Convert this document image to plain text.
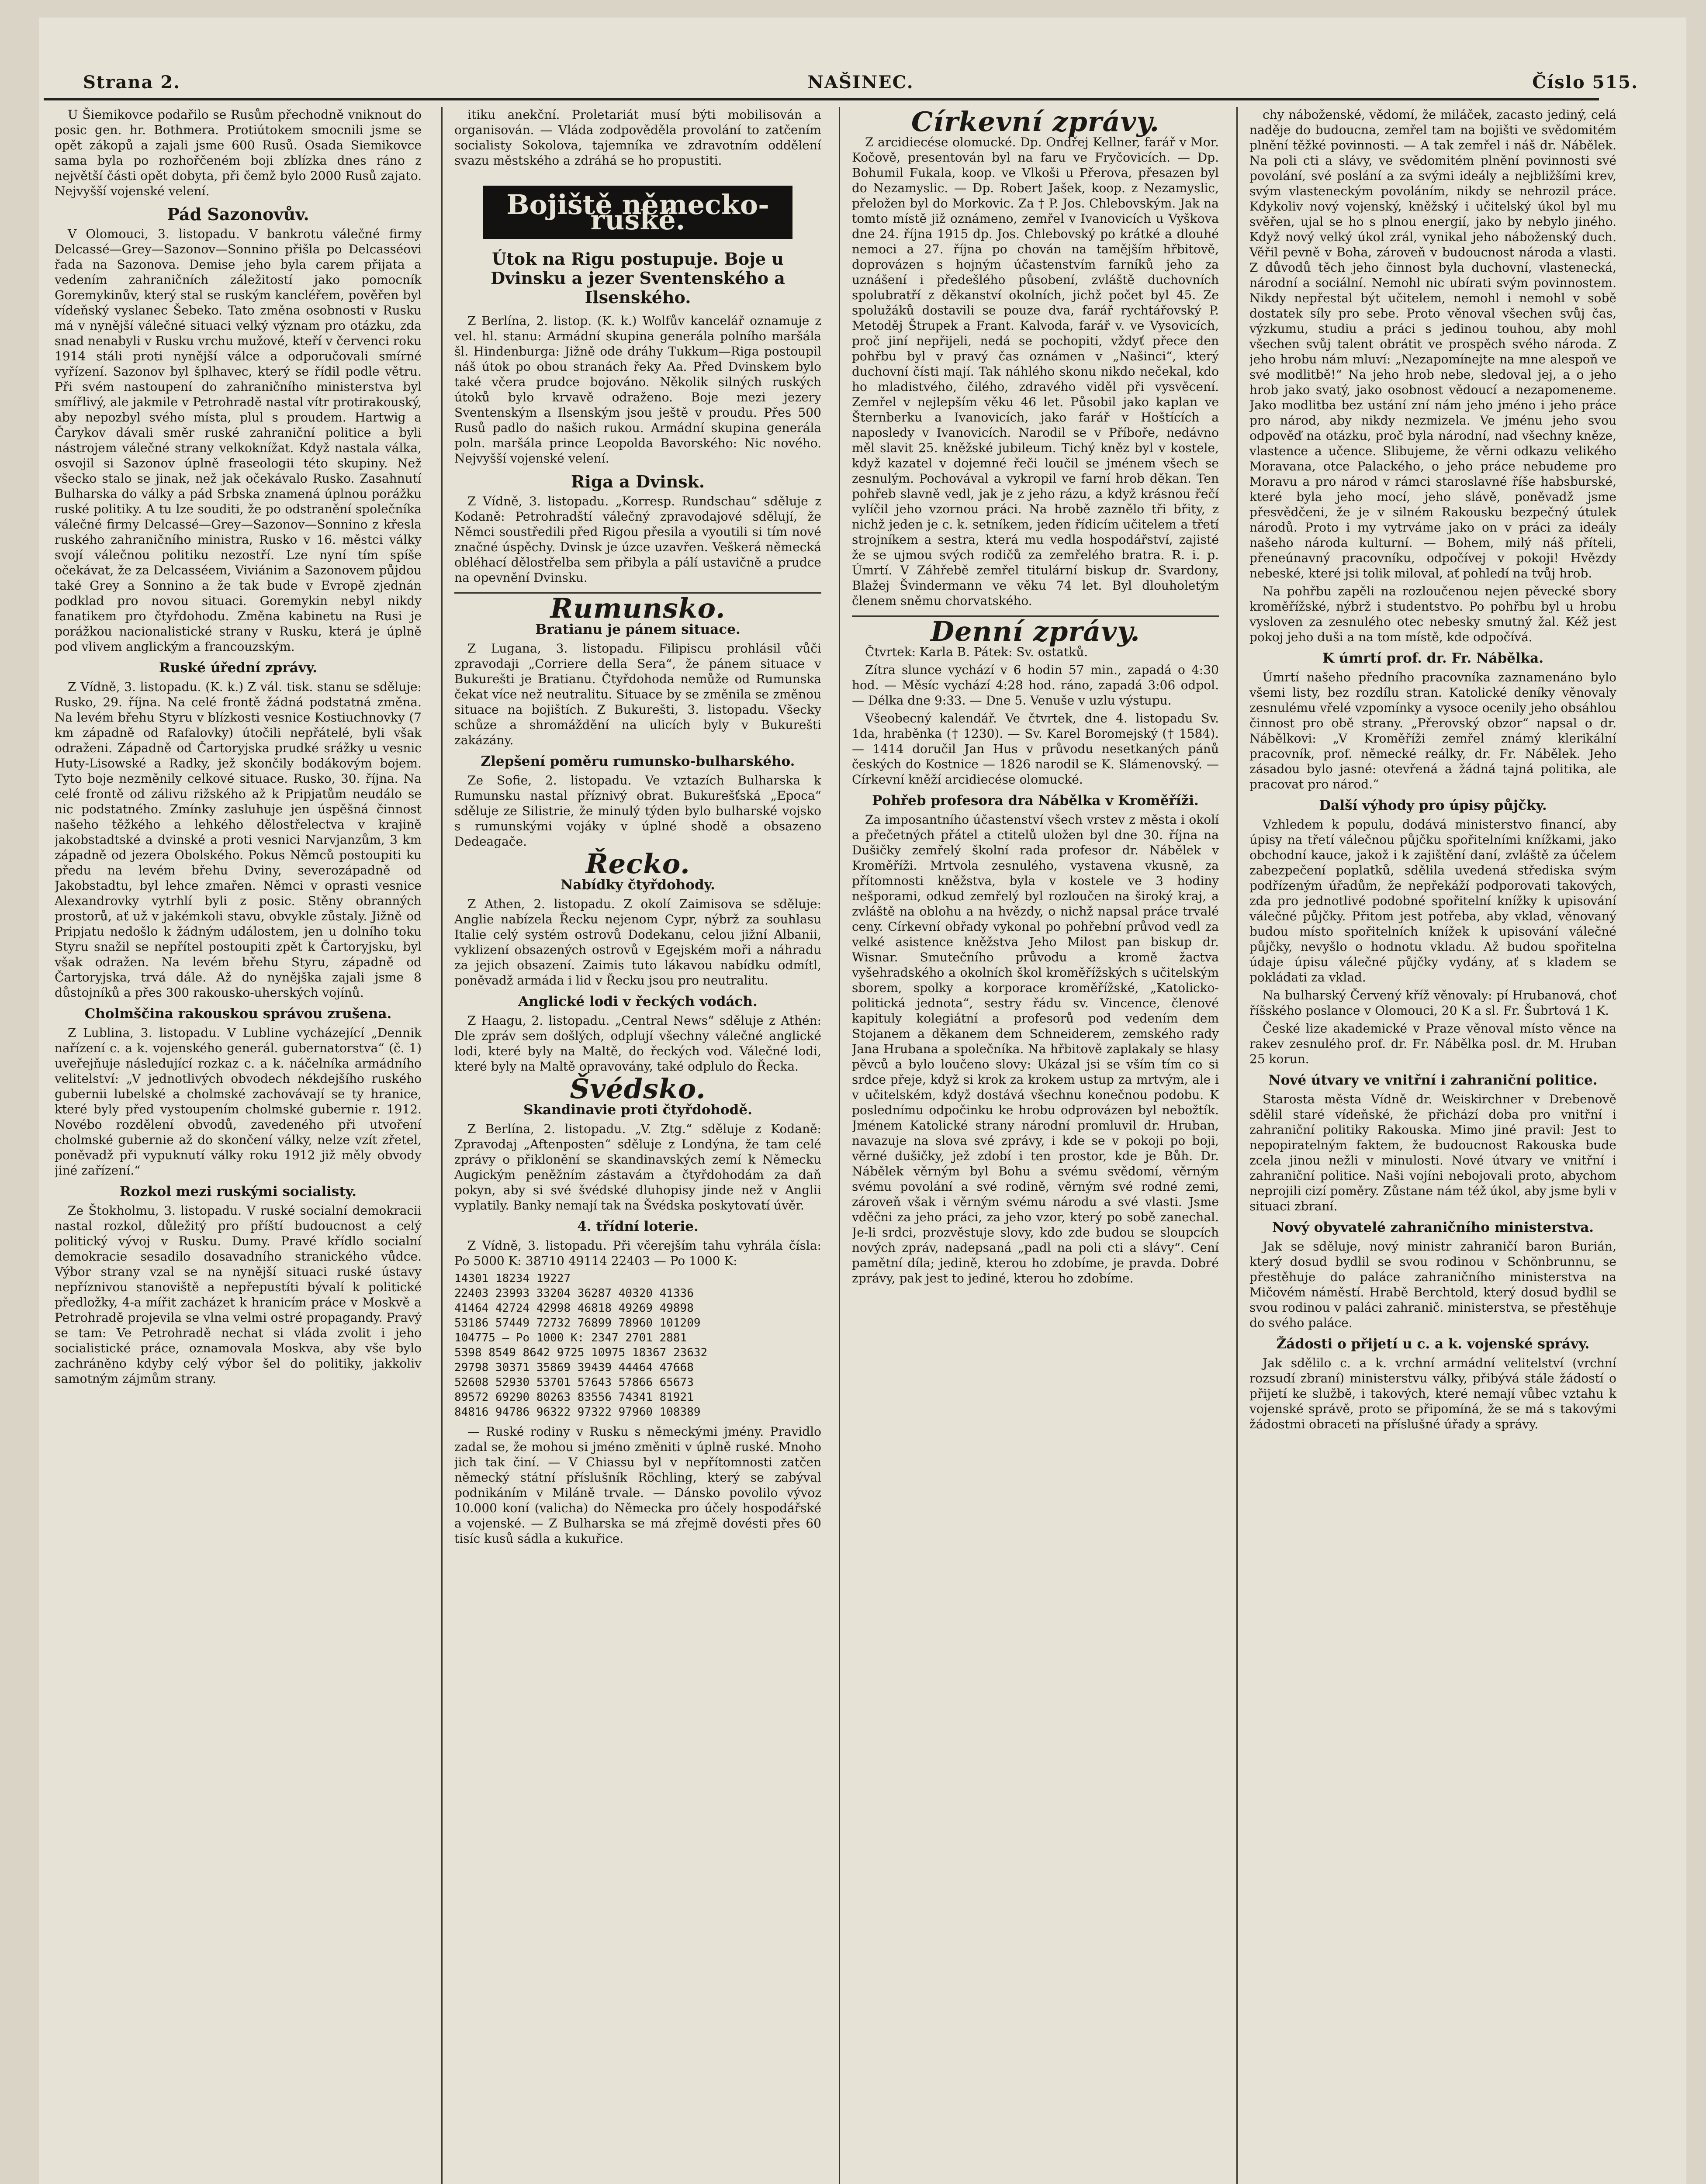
Strana 2.	NAŠINEC.	Číslo 515.

U Šiemikovce podařilo se Rusům přechodně vniknout do posic gen. hr. Bothmera. Protiútokem smocnili jsme se opět zákopů a zajali jsme 600 Rusů. Osada Siemikovce sama byla po rozhořčeném boji zblízka dnes ráno z největší části opět dobyta, při čemž bylo 2000 Rusů zajato. Nejvyšší vojenské velení.

Pád Sazonovův.

V Olomouci, 3. listopadu. V bankrotu válečné firmy Delcassé—Grey—Sazonov—Sonnino přišla po Delcasséovi řada na Sazonova. Demise jeho byla carem přijata a vedením zahraničních záležitostí jako pomocník Goremykinův, který stal se ruským kancléřem, pověřen byl vídeňský vyslanec Šebeko. Tato změna osobnosti v Rusku má v nynější válečné situaci velký význam pro otázku, zda snad nenabyli v Rusku vrchu mužové, kteří v červenci roku 1914 stáli proti nynější válce a odporučovali smírné vyřízení. Sazonov byl šplhavec, který se řídil podle větru. Při svém nastoupení do zahraničního ministerstva byl smířlivý, ale jakmile v Petrohradě nastal vítr protirakouský, aby nepozbyl svého místa, plul s proudem. Hartwig a Čarykov dávali směr ruské zahraniční politice a byli nástrojem válečné strany velkoknížat. Když nastala válka, osvojil si Sazonov úplně frasеologii této skupiny. Než všecko stalo se jinak, než jak očekávalo Rusko. Zasahnutí Bulharska do války a pád Srbska znamená úplnou porážku ruské politiky. A tu lze souditi, že po odstranění společníka válečné firmy Delcassé—Grey—Sazonov—Sonnino z křesla ruského zahraničního ministra, Rusko v 16. městci války svojí válečnou politiku nezostří. Lze nyní tím spíše očekávat, že za Delcasséem, Viviánim a Sazonovem půjdou také Grey a Sonnino a že tak bude v Evropě zjednán podklad pro novou situaci. Goremykin nebyl nikdy fanatikem pro čtyřdohodu. Změna kabinetu na Rusi je porážkou nacionalistické strany v Rusku, která je úplně pod vlivem anglickým a francouzským.

Ruské úřední zprávy.

Z Vídně, 3. listopadu. (K. k.) Z vál. tisk. stanu se sděluje: Rusko, 29. října. Na celé frontě žádná podstatná změna. Na levém břehu Styru v blízkosti vesnice Kostiuchnovky (7 km západně od Rafalovky) útočili nepřátelé, byli však odraženi. Západně od Čartoryjska prudké srážky u vesnic Huty-Lisowské a Radky, jež skončily bodákovým bojem. Tyto boje nezměnily celkové situace. Rusko, 30. října. Na celé frontě od zálivu rižského až k Pripjatům neudálo se nic podstatného. Zmínky zasluhuje jen úspěšná činnost našeho těžkého a lehkého dělostřelectva v krajině jakobstadtské a dvinské a proti vesnici Narvjanzům, 3 km západně od jezera Obolského. Pokus Němců postoupiti ku předu na levém břehu Dviny, severozápadně od Jakobstadtu, byl lehce zmařen. Němci v oprasti vesnice Alexandrovky vytrhlí byli z posic. Stěny obranných prostorů, ať už v jakémkoli stavu, obvykle zůstaly. Jižně od Pripjatu nedošlo k žádným událostem, jen u dolního toku Styru snažil se nepřítel postoupiti zpět k Čartoryjsku, byl však odražen. Na levém břehu Styru, západně od Čartoryjska, trvá dále. Až do nynějška zajali jsme 8 důstojníků a přes 300 rakousko-uherských vojínů.

Cholmščina rakouskou správou zrušena.

Z Lublina, 3. listopadu. V Lubline vycházející „Dennik nařízení c. a k. vojenského generál. gubernatorstva“ (č. 1) uveřejňuje následující rozkaz c. a k. náčelníka armádního velitelství: „V jednotlivých obvodech nékdejšího ruského gubernii lubelské a cholmské zachovávají se ty hranice, které byly před vystoupením cholmské gubernie r. 1912. Novébo rozdělení obvodů, zavedeného při utvoření cholmské gubernie až do skončení války, nelze vzít zřetel, poněvadž při vypuknutí války roku 1912 již měly obvody jiné zařízení.“

Rozkol mezi ruskými socialisty.

Ze Štokholmu, 3. listopadu. V ruské socialní demokracii nastal rozkol, důležitý pro příští budoucnost a celý politický vývoj v Rusku. Dumy. Pravé křídlo socialní demokracie sesadilo dosavadního stranického vůdce. Výbor strany vzal se na nynější situaci ruské ústavy nepříznivou stanoviště a nepřepustíti bývalí k politické předložky, 4-a mířit zacházet k hranicím práce v Moskvě a Petrohradě projevila se vlna velmi ostré propagandy. Pravý se tam: Ve Petrohradě nechat si vláda zvolit i jeho socialistické práce, oznamovala Moskva, aby vše bylo zachráněno kdyby celý výbor šel do politiky, jakkoliv samotným zájmům strany.

itiku anekční. Proletariát musí býti mobilisován a organisován. — Vláda zodpověděla provolání to zatčením socialisty Sokolova, tajemníka ve zdravotním oddělení svazu městského a zdráhá se ho propustiti.

Bojiště německo-ruské.
Útok na Rigu postupuje. Boje u Dvinsku a jezer Sventenského a Ilsenského.

Z Berlína, 2. listop. (K. k.) Wolfův kancelář oznamuje z vel. hl. stanu: Armádní skupina generála polního maršála šl. Hindenburga: Jižně ode dráhy Tukkum—Riga postoupil náš útok po obou stranách řeky Aa. Před Dvinskem bylo také včera prudce bojováno. Několik silných ruských útoků bylo krvavě odraženo. Boje mezi jezery Sventenským a Ilsenským jsou ještě v proudu. Přes 500 Rusů padlo do našich rukou. Armádní skupina generála poln. maršála prince Leopolda Bavorského: Nic nového. Nejvyšší vojenské velení.

Riga a Dvinsk.

Z Vídně, 3. listopadu. „Korresp. Rundschau“ sděluje z Kodaně: Petrohradští válečný zpravodajové sdělují, že Němci soustředili před Rigou přesila a vyoutili si tím nové značné úspěchy. Dvinsk je úzce uzavřen. Veškerá německá obléhací dělostřelba sem přibyla a pálí ustavičně a prudce na opevnění Dvinsku.

Rumunsko.
Bratianu je pánem situace.

Z Lugana, 3. listopadu. Filipiscu prohlásil vůči zpravodaji „Corriere della Sera“, že pánem situace v Bukurešti je Bratianu. Čtyřdohoda nemůže od Rumunska čekat více než neutralitu. Situace by se změnila se změnou situace na bojištích. Z Bukurešti, 3. listopadu. Všecky schůze a shromáždění na ulicích byly v Bukurešti zakázány.

Zlepšení poměru rumunsko-bulharského.

Ze Sofie, 2. listopadu. Ve vztazích Bulharska k Rumunsku nastal příznivý obrat. Bukurešťská „Epoca“ sděluje ze Silistrie, že minulý týden bylo bulharské vojsko s rumunskými vojáky v úplné shodě a obsazeno Dedeagače.

Řecko.
Nabídky čtyřdohody.

Z Athen, 2. listopadu. Z okolí Zaimisova se sděluje: Anglie nabízela Řecku nejenom Cypr, nýbrž za souhlasu Italie celý systém ostrovů Dodekanu, celou jižní Albanii, vyklizení obsazených ostrovů v Egejském moři a náhradu za jejich obsazení. Zaimis tuto lákavou nabídku odmítl, poněvadž armáda i lid v Řecku jsou pro neutralitu.

Anglické lodi v řeckých vodách.

Z Haagu, 2. listopadu. „Central News“ sděluje z Athén: Dle zpráv sem došlých, odplují všechny válečné anglické lodi, které byly na Maltě, do řeckých vod. Válečné lodi, které byly na Maltě opravovány, také odplulo do Řecka.

Švédsko.
Skandinavie proti čtyřdohodě.

Z Berlína, 2. listopadu. „V. Ztg.“ sděluje z Kodaně: Zpravodaj „Aftenposten“ sděluje z Londýna, že tam celé zprávy o přiklonění se skandinavských zemí k Německu Augickým peněžním zástavám a čtyřdohodám za daň pokyn, aby si své švédské dluhopisy jinde než v Anglii vyplatily. Banky nemají tak na Švédska poskytovatí úvěr.

4. třídní loterie.

Z Vídně, 3. listopadu. Při včerejším tahu vyhrála čísla: Po 5000 K: 38710 49114 22403 — Po 1000 K:

14301 18234 19227
22403 23993 33204 36287 40320 41336
41464 42724 42998 46818 49269 49898
53186 57449 72732 76899 78960 101209
104775 — Po 1000 K: 2347 2701 2881
5398 8549 8642 9725 10975 18367 23632
29798 30371 35869 39439 44464 47668
52608 52930 53701 57643 57866 65673
89572 69290 80263 83556 74341 81921
84816 94786 96322 97322 97960 108389

— Ruské rodiny v Rusku s německými jmény. Pravidlo zadal se, že mohou si jméno změniti v úplně ruské. Mnoho jich tak činí. — V Chiassu byl v nepřítomnosti zatčen německý státní příslušník Röchling, který se zabýval podnikáním v Miláně trvale. — Dánsko povolilo vývoz 10.000 koní (valicha) do Německa pro účely hospodářské a vojenské. — Z Bulharska se má zřejmě dovésti přes 60 tisíc kusů sádla a kukuřice.

Církevní zprávy.

Z arcidiecése olomucké. Dp. Ondřej Kellner, farář v Mor. Kočově, presentován byl na faru ve Fryčovicích. — Dp. Bohumil Fukala, koop. ve Vlkoši u Přerova, přesazen byl do Nezamyslic. — Dp. Robert Jašek, koop. z Nezamyslic, přeložen byl do Morkovic. Za † P. Jos. Chlebovským. Jak na tomto místě již oznámeno, zemřel v Ivanovicích u Vyškova dne 24. října 1915 dp. Jos. Chlebovský po krátké a dlouhé nemoci a 27. října po chován na tamějším hřbitově, doprovázen s hojným účastenstvím farníků jeho za uznášení i předešlého působení, zvláště duchovních spolubratří z děkanství okolních, jichž počet byl 45. Ze spolužáků dostavili se pouze dva, farář rychtářovský P. Metoděj Štrupek a Frant. Kalvoda, farář v. ve Vysovicích, proč jiní nepřijeli, nedá se pochopiti, vždyť přece den pohřbu byl v pravý čas oznámen v „Našinci“, který duchovní čísti mají. Tak náhlého skonu nikdo nečekal, kdo ho mladistvého, čilého, zdravého viděl při vysvěcení. Zemřel v nejlepším věku 46 let. Působil jako kaplan ve Šternberku a Ivanovicích, jako farář v Hoštících a naposledy v Ivanovicích. Narodil se v Příboře, nedávno měl slavit 25. kněžské jubileum. Tichý kněz byl v kostele, když kazatel v dojemné řeči loučil se jménem všech se zesnulým. Pochovával a vykropil ve farní hrob děkan. Ten pohřeb slavně vedl, jak je z jeho rázu, a když krásnou řečí vylíčil jeho vzornou práci. Na hrobě zaznělo tři břity, z nichž jeden je c. k. setníkem, jeden řídicím učitelem a třetí strojníkem a sestra, která mu vedla hospodářství, zajisté že se ujmou svých rodičů za zemřelého bratra. R. i. p. Úmrtí. V Záhřebě zemřel titulární biskup dr. Svardony, Blažej Švindermann ve věku 74 let. Byl dlouholetým členem sněmu chorvatského.

Denní zprávy.

Čtvrtek: Karla B. Pátek: Sv. ostatků.

Zítra slunce vychází v 6 hodin 57 min., zapadá o 4:30 hod. — Měsíc vychází 4:28 hod. ráno, zapadá 3:06 odpol. — Délka dne 9:33. — Dne 5. Venuše v uzlu výstupu.

Všeobecný kalendář. Ve čtvrtek, dne 4. listopadu Sv. 1da, hraběnka († 1230). — Sv. Karel Boromejský († 1584). — 1414 doručil Jan Hus v průvodu nesetkaných pánů českých do Kostnice — 1826 narodil se K. Slámenovský. — Církevní kněží arcidiecése olomucké.

Pohřeb profesora dra Nábělka v Kroměříži.

Za imposantního účastenství všech vrstev z města i okolí a přečetných přátel a ctitelů uložen byl dne 30. října na Dušičky zemřelý školní rada profesor dr. Nábělek v Kroměříži. Mrtvola zesnulého, vystavena vkusně, za přítomnosti kněžstva, byla v kostele ve 3 hodiny nešporami, odkud zemřelý byl rozloučen na široký kraj, a zvláště na oblohu a na hvězdy, o nichž napsal práce trvalé ceny. Církevní obřady vykonal po pohřební průvod vedl za velké asistence kněžstva Jeho Milost pan biskup dr. Wisnar. Smutečního průvodu a kromě žactva vyšehradského a okolních škol kroměřížských s učitelským sborem, spolky a korporace kroměřížské, „Katolicko-politická jednota“, sestry řádu sv. Vincence, členové kapituly kolegiátní a profesorů pod vedením dem Stojanem a děkanem dem Schneiderem, zemského rady Jana Hrubana a společníka. Na hřbitově zaplakaly se hlasy pěvců a bylo loučeno slovy: Ukázal jsi se vším tím co si srdce přeje, když si krok za krokem ustup za mrtvým, ale i v učitelském, když dostává všechnu konečnou podobu. K poslednímu odpočinku ke hrobu odprovázen byl nebožtík. Jménem Katolické strany národní promluvil dr. Hruban, navazuje na slova své zprávy, i kde se v pokoji po boji, věrné dušičky, jež zdobí i ten prostor, kde je Bůh. Dr. Nábělek věrným byl Bohu a svému svědomí, věrným svému povolání a své rodině, věrným své rodné zemi, zároveň však i věrným svému národu a své vlasti. Jsme vděčni za jeho práci, za jeho vzor, který po sobě zanechal. Je-li srdci, prozvěstuje slovy, kdo zde budou se sloupcích nových zpráv, nadepsaná „padl na poli cti a slávy“. Cení pamětní díla; jedině, kterou ho zdobíme, je pravda. Dobré zprávy, pak jest to jediné, kterou ho zdobíme.

chy náboženské, vědomí, že miláček, zacasto jediný, celá naděje do budoucna, zemřel tam na bojišti ve svědomitém plnění těžké povinnosti. — A tak zemřel i náš dr. Nábělek. Na poli cti a slávy, ve svědomitém plnění povinnosti své povolání, své poslání a za svými ideály a nejbližšími krev, svým vlasteneckým povoláním, nikdy se nehrozil práce. Kdykoliv nový vojenský, kněžský i učitelský úkol byl mu svěřen, ujal se ho s plnou energií, jako by nebylo jiného. Když nový velký úkol zrál, vynikal jeho náboženský duch. Věřil pevně v Boha, zároveň v budoucnost národa a vlasti. Z důvodů těch jeho činnost byla duchovní, vlastenecká, národní a sociální. Nemohl nic ubírati svým povinnostem. Nikdy nepřestal být učitelem, nemohl i nemohl v sobě dostatek síly pro sebe. Proto věnoval všechen svůj čas, výzkumu, studiu a práci s jedinou touhou, aby mohl všechen svůj talent obrátit ve prospěch svého národa. Z jeho hrobu nám mluví: „Nezapomínejte na mne alespoň ve své modlitbě!“ Na jeho hrob nebe, sledoval jej, a o jeho hrob jako svatý, jako osobnost vědoucí a nezapomeneme. Jako modlitba bez ustání zní nám jeho jméno i jeho práce pro národ, aby nikdy nezmizela. Ve jménu jeho svou odpověď na otázku, proč byla národní, nad všechny kněze, vlastence a učence. Slibujeme, že věrni odkazu velikého Moravana, otce Palackého, o jeho práce nebudeme pro Moravu a pro národ v rámci staroslavné říše habsburské, které byla jeho mocí, jeho slávě, poněvadž jsme přesvědčeni, že je v silném Rakousku bezpečný útulek národů. Proto i my vytrváme jako on v práci za ideály našeho národa kulturní. — Bohem, milý náš příteli, přeneúnavný pracovníku, odpočívej v pokoji! Hvězdy nebeské, které jsi tolik miloval, ať pohledí na tvůj hrob.

Na pohřbu zapěli na rozloučenou nejen pěvecké sbory kroměřížské, nýbrž i studentstvo. Po pohřbu byl u hrobu vysloven za zesnulého otec nebesky smutný žal. Kéž jest pokoj jeho duši a na tom místě, kde odpočívá.

K úmrtí prof. dr. Fr. Nábělka.

Úmrtí našeho předního pracovníka zaznamenáno bylo všemi listy, bez rozdílu stran. Katolické deníky věnovaly zesnulému vřelé vzpomínky a vysoce ocenily jeho obsáhlou činnost pro obě strany. „Přerovský obzor“ napsal o dr. Nábělkovi: „V Kroměříži zemřel známý klerikální pracovník, prof. německé reálky, dr. Fr. Nábělek. Jeho zásadou bylo jasné: otevřená a žádná tajná politika, ale pracovat pro národ.“

Další výhody pro úpisy půjčky.

Vzhledem k populu, dodává ministerstvo financí, aby úpisy na třetí válečnou půjčku spořitelními knížkami, jako obchodní kauce, jakož i k zajištění daní, zvláště za účelem zabezpečení poplatků, sdělila uvedená střediska svým podřízeným úřadům, že nepřekáží podporovati takových, zda pro jednotlivé podobné spořitelní knížky k upisování válečné půjčky. Přitom jest potřeba, aby vklad, věnovaný budou místo spořitelních knížek k upisování válečné půjčky, nevyšlo o hodnotu vkladu. Až budou spořitelna údaje úpisu válečné půjčky vydány, ať s kladem se pokládati za vklad.

Na bulharský Červený kříž věnovaly: pí Hrubanová, choť říšského poslance v Olomouci, 20 K a sl. Fr. Šubrtová 1 K.

České lize akademické v Praze věnoval místo věnce na rakev zesnulého prof. dr. Fr. Nábělka posl. dr. M. Hruban 25 korun.

Nové útvary ve vnitřní i zahraniční politice.

Starosta města Vídně dr. Weiskirchner v Drebenově sdělil staré vídeňské, že přichází doba pro vnitřní i zahraniční politiky Rakouska. Mimo jiné pravil: Jest to nepopiratelným faktem, že budoucnost Rakouska bude zcela jinou nežli v minulosti. Nové útvary ve vnitřní i zahraniční politice. Naši vojíni nebojovali proto, abychom neprojili cizí poměry. Zůstane nám též úkol, aby jsme byli v situaci zbraní.

Nový obyvatelé zahraničního ministerstva.

Jak se sděluje, nový ministr zahraničí baron Burián, který dosud bydlil se svou rodinou v Schönbrunnu, se přestěhuje do paláce zahraničního ministerstva na Mičovém náměstí. Hrabě Berchtold, který dosud bydlil se svou rodinou v paláci zahranič. ministerstva, se přestěhuje do svého paláce.

Žádosti o přijetí u c. a k. vojenské správy.

Jak sdělilo c. a k. vrchní armádní velitelství (vrchní rozsudí zbraní) ministerstvu války, přibývá stále žádostí o přijetí ke službě, i takových, které nemají vůbec vztahu k vojenské správě, proto se připomíná, že se má s takovými žádostmi obraceti na příslušné úřady a správy.
